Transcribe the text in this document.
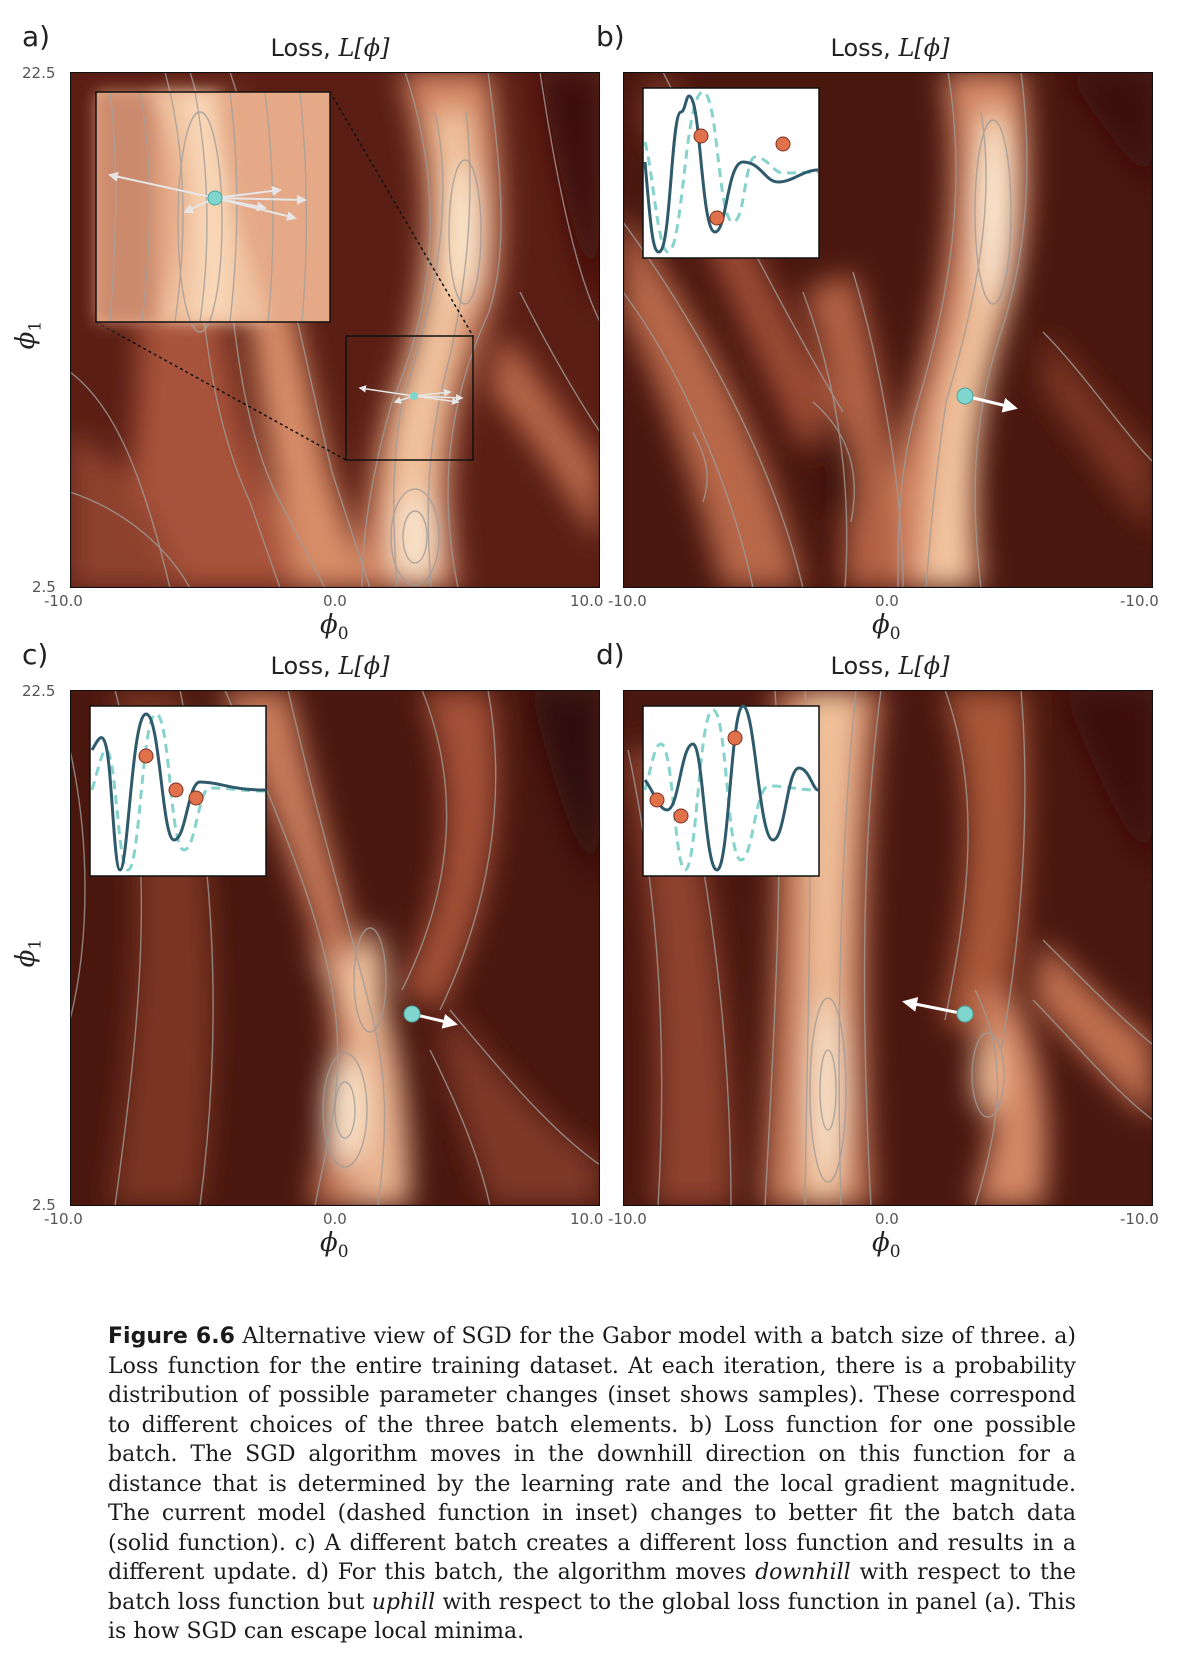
a)	Loss, L[ϕ]	b)	Loss, L[ϕ]
c)	Loss, L[ϕ]	d)	Loss, L[ϕ]
22.5
2.5
-10.0	0.0	10.0 -10.0	0.0	-10.0
22.5
2.5
-10.0	0.0	10.0 -10.0	0.0	-10.0
$\phi_0$	$\phi_0$
$\phi_0$	$\phi_0$
$\phi_1$
$\phi_1$
Figure 6.6 Alternative view of SGD for the Gabor model with a batch size of three. a) Loss function for the entire training dataset. At each iteration, there is a probability distribution of possible parameter changes (inset shows samples). These correspond to different choices of the three batch elements. b) Loss function for one possible batch. The SGD algorithm moves in the downhill direction on this function for a distance that is determined by the learning rate and the local gradient magnitude. The current model (dashed function in inset) changes to better fit the batch data (solid function). c) A different batch creates a different loss function and results in a different update. d) For this batch, the algorithm moves downhill with respect to the batch loss function but uphill with respect to the global loss function in panel (a). This is how SGD can escape local minima.
